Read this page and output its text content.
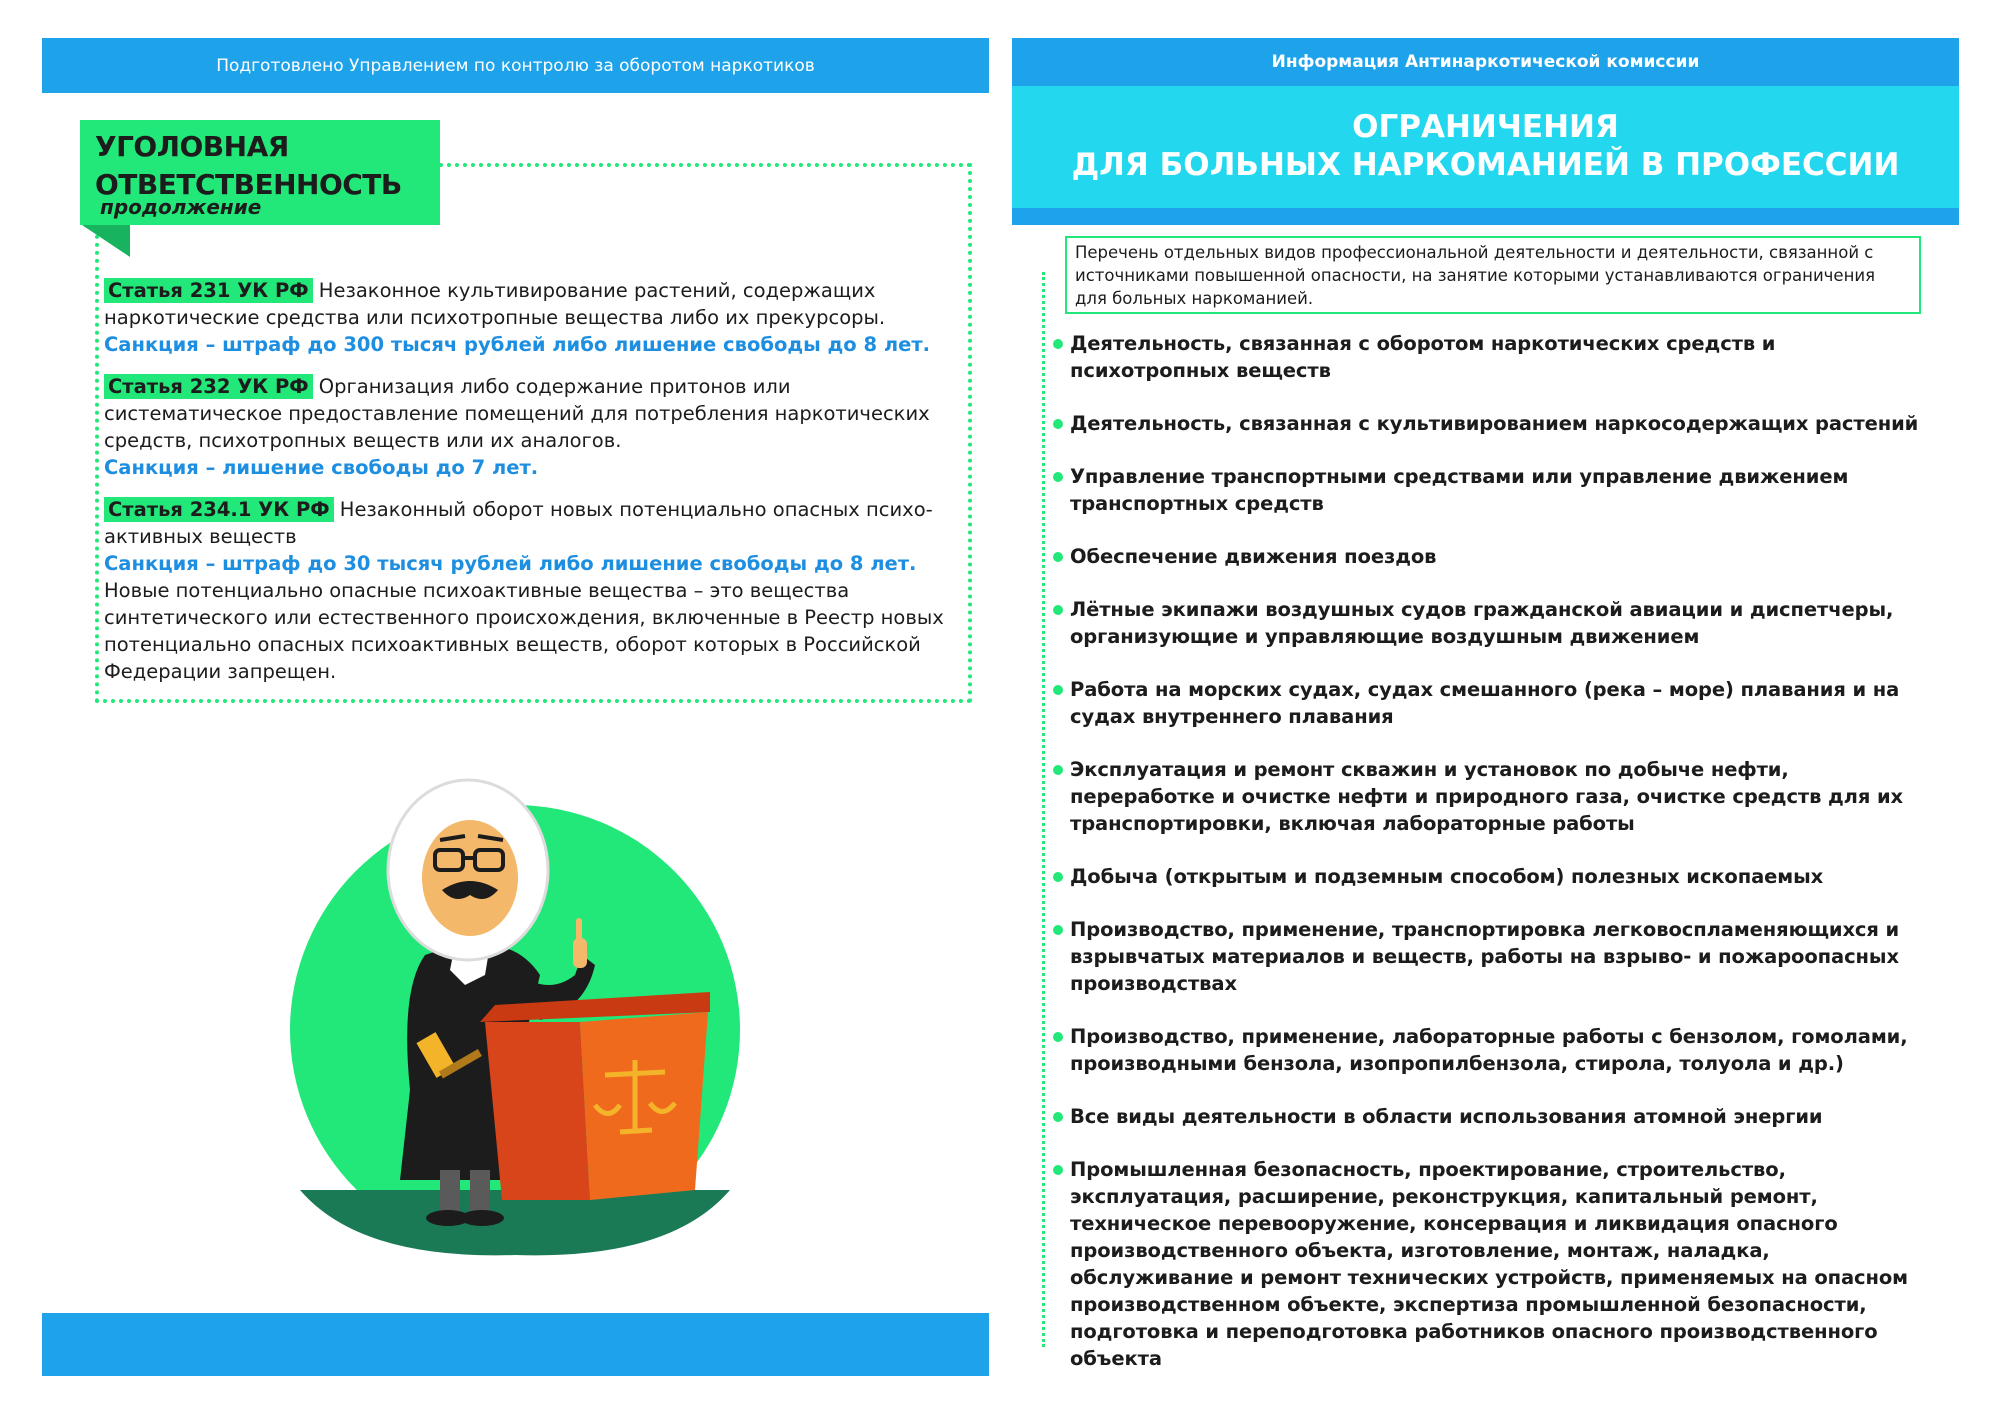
Подготовлено Управлением по контролю за оборотом наркотиков
УГОЛОВНАЯ ОТВЕТСТВЕННОСТЬ
продолжение
Статья 231 УК РФ Незаконное культивирование растений, содержащих наркотические средства или психотропные вещества либо их прекурсоры.
Санкция – штраф до 300 тысяч рублей либо лишение свободы до 8 лет.
Статья 232 УК РФ Организация либо содержание притонов или систематическое предоставление помещений для потребления наркотических средств, психотропных веществ или их аналогов.
Санкция – лишение свободы до 7 лет.
Статья 234.1 УК РФ Незаконный оборот новых потенциально опасных психо-активных веществ
Санкция – штраф до 30 тысяч рублей либо лишение свободы до 8 лет.
Новые потенциально опасные психоактивные вещества – это вещества синтетического или естественного происхождения, включенные в Реестр новых потенциально опасных психоактивных веществ, оборот которых в Российской Федерации запрещен.
Информация Антинаркотической комиссии
ОГРАНИЧЕНИЯ
ДЛЯ БОЛЬНЫХ НАРКОМАНИЕЙ В ПРОФЕССИИ
Перечень отдельных видов профессиональной деятельности и деятельности, связанной с источниками повышенной опасности, на занятие которыми устанавливаются ограничения для больных наркоманией.
Деятельность, связанная с оборотом наркотических средств и психотропных веществ
Деятельность, связанная с культивированием наркосодержащих растений
Управление транспортными средствами или управление движением транспортных средств
Обеспечение движения поездов
Лётные экипажи воздушных судов гражданской авиации и диспетчеры, организующие и управляющие воздушным движением
Работа на морских судах, судах смешанного (река – море) плавания и на судах внутреннего плавания
Эксплуатация и ремонт скважин и установок по добыче нефти, переработке и очистке нефти и природного газа, очистке средств для их транспортировки, включая лабораторные работы
Добыча (открытым и подземным способом) полезных ископаемых
Производство, применение, транспортировка легковоспламеняющихся и взрывчатых материалов и веществ, работы на взрыво- и пожароопасных производствах
Производство, применение, лабораторные работы с бензолом, гомолами, производными бензола, изопропилбензола, стирола, толуола и др.)
Все виды деятельности в области использования атомной энергии
Промышленная безопасность, проектирование, строительство, эксплуатация, расширение, реконструкция, капитальный ремонт, техническое перевооружение, консервация и ликвидация опасного производственного объекта, изготовление, монтаж, наладка, обслуживание и ремонт технических устройств, применяемых на опасном производственном объекте, экспертиза промышленной безопасности, подготовка и переподготовка работников опасного производственного объекта
